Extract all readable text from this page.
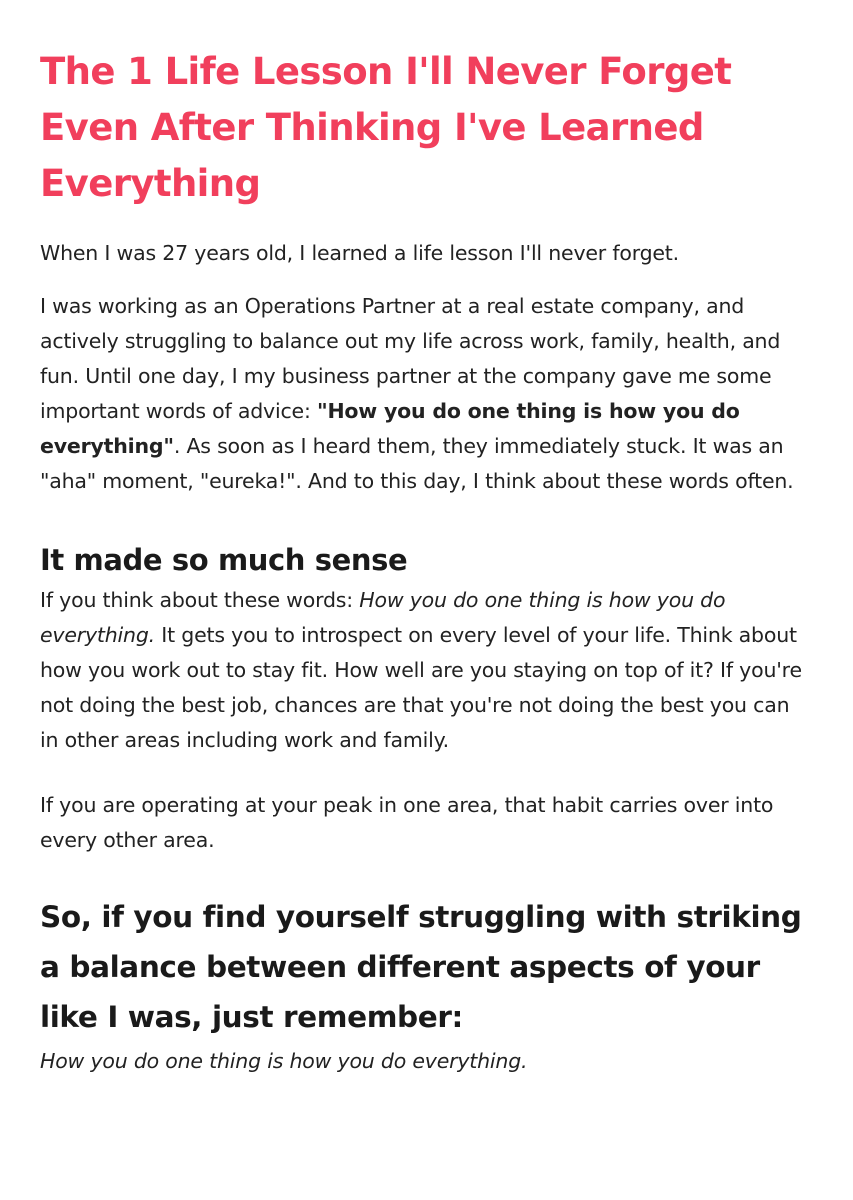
The 1 Life Lesson I'll Never Forget Even After Thinking I've Learned Everything

When I was 27 years old, I learned a life lesson I'll never forget.

I was working as an Operations Partner at a real estate company, and actively struggling to balance out my life across work, family, health, and fun. Until one day, I my business partner at the company gave me some important words of advice: "How you do one thing is how you do everything". As soon as I heard them, they immediately stuck. It was an "aha" moment, "eureka!". And to this day, I think about these words often.

It made so much sense

If you think about these words: How you do one thing is how you do everything. It gets you to introspect on every level of your life. Think about how you work out to stay fit. How well are you staying on top of it? If you're not doing the best job, chances are that you're not doing the best you can in other areas including work and family.

If you are operating at your peak in one area, that habit carries over into every other area.

So, if you find yourself struggling with striking a balance between different aspects of your like I was, just remember:

How you do one thing is how you do everything.
